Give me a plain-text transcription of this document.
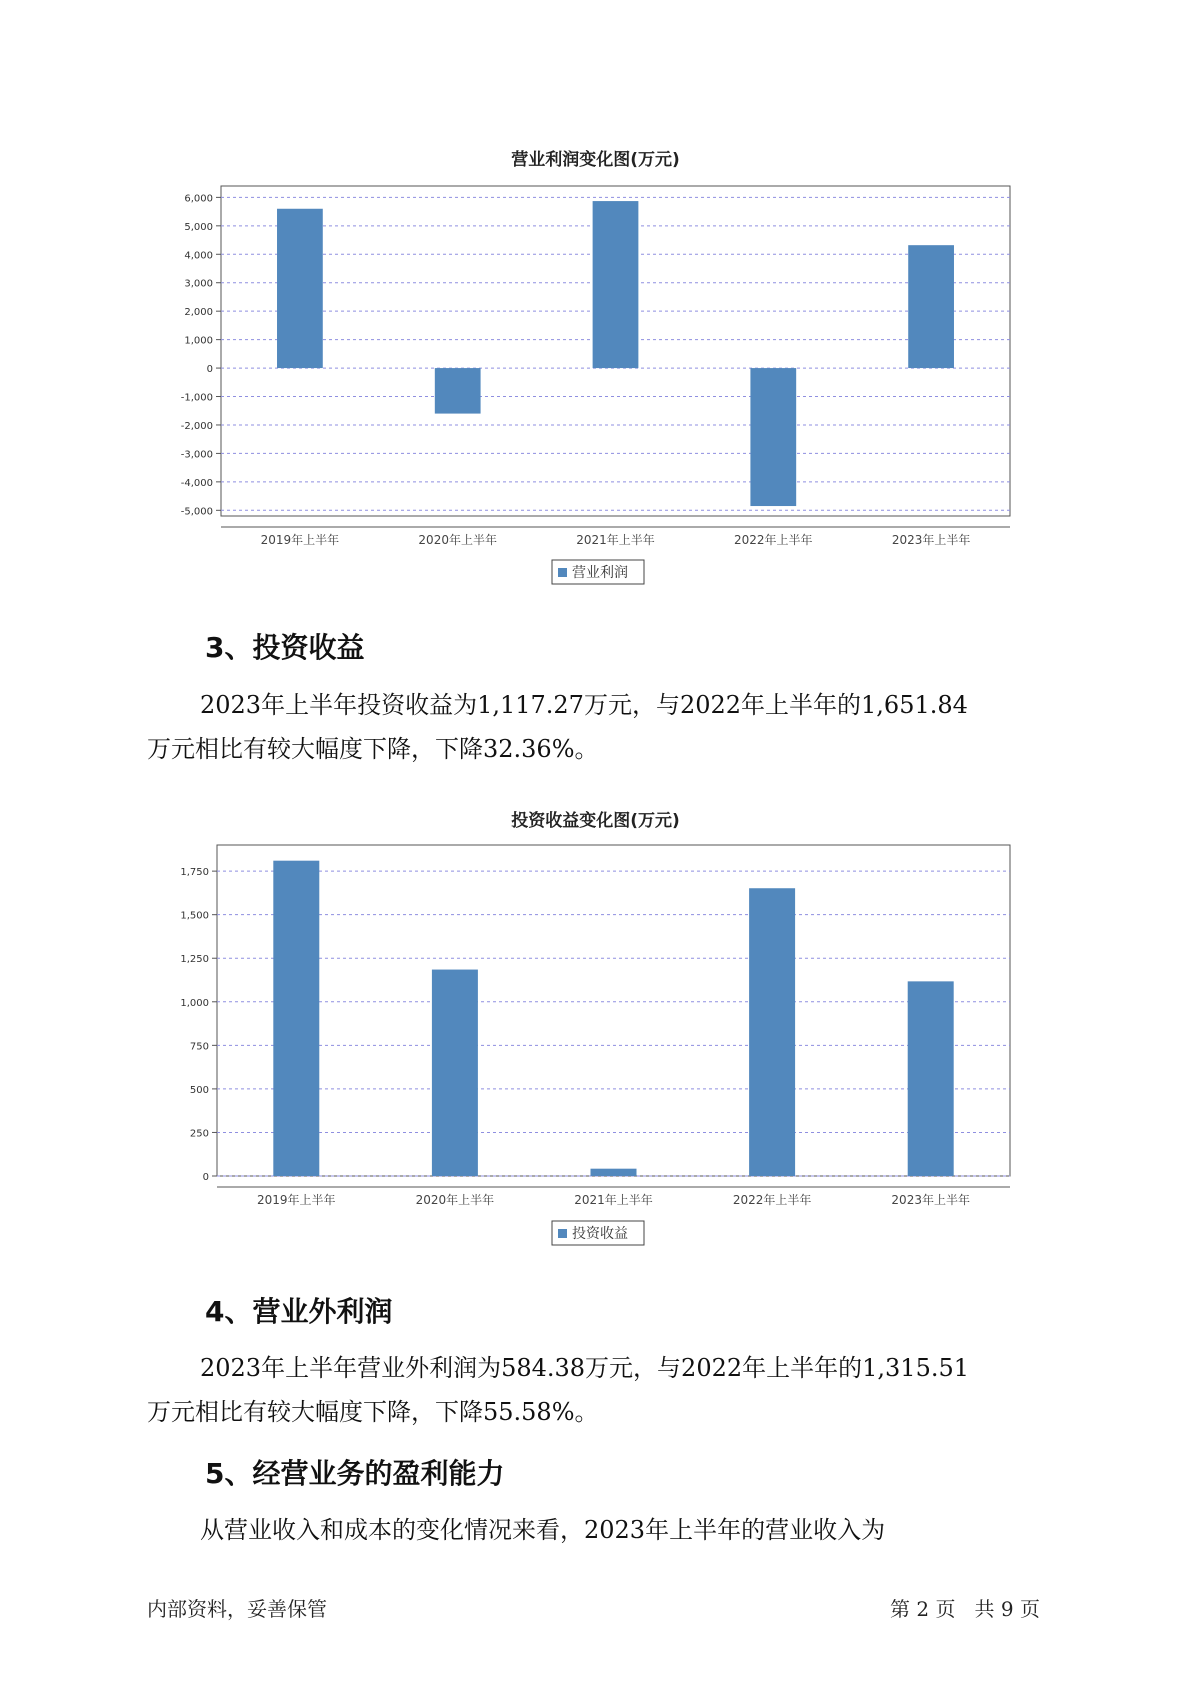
营业利润变化图(万元)
6,000
5,000
4,000
3,000
2,000
1,000
0
-1,000
-2,000
-3,000
-4,000
-5,000
2019年上半年	2020年上半年	2021年上半年	2022年上半年	2023年上半年
营业利润
3、投资收益
2023年上半年投资收益为1,117.27万元，与2022年上半年的1,651.84
万元相比有较大幅度下降，下降32.36%。
投资收益变化图(万元)
1,750
1,500
1,250
1,000
750
500
250
0
2019年上半年	2020年上半年	2021年上半年	2022年上半年	2023年上半年
投资收益
4、营业外利润
2023年上半年营业外利润为584.38万元，与2022年上半年的1,315.51
万元相比有较大幅度下降，下降55.58%。
5、经营业务的盈利能力
从营业收入和成本的变化情况来看，2023年上半年的营业收入为
内部资料，妥善保管	第 2 页   共 9 页
